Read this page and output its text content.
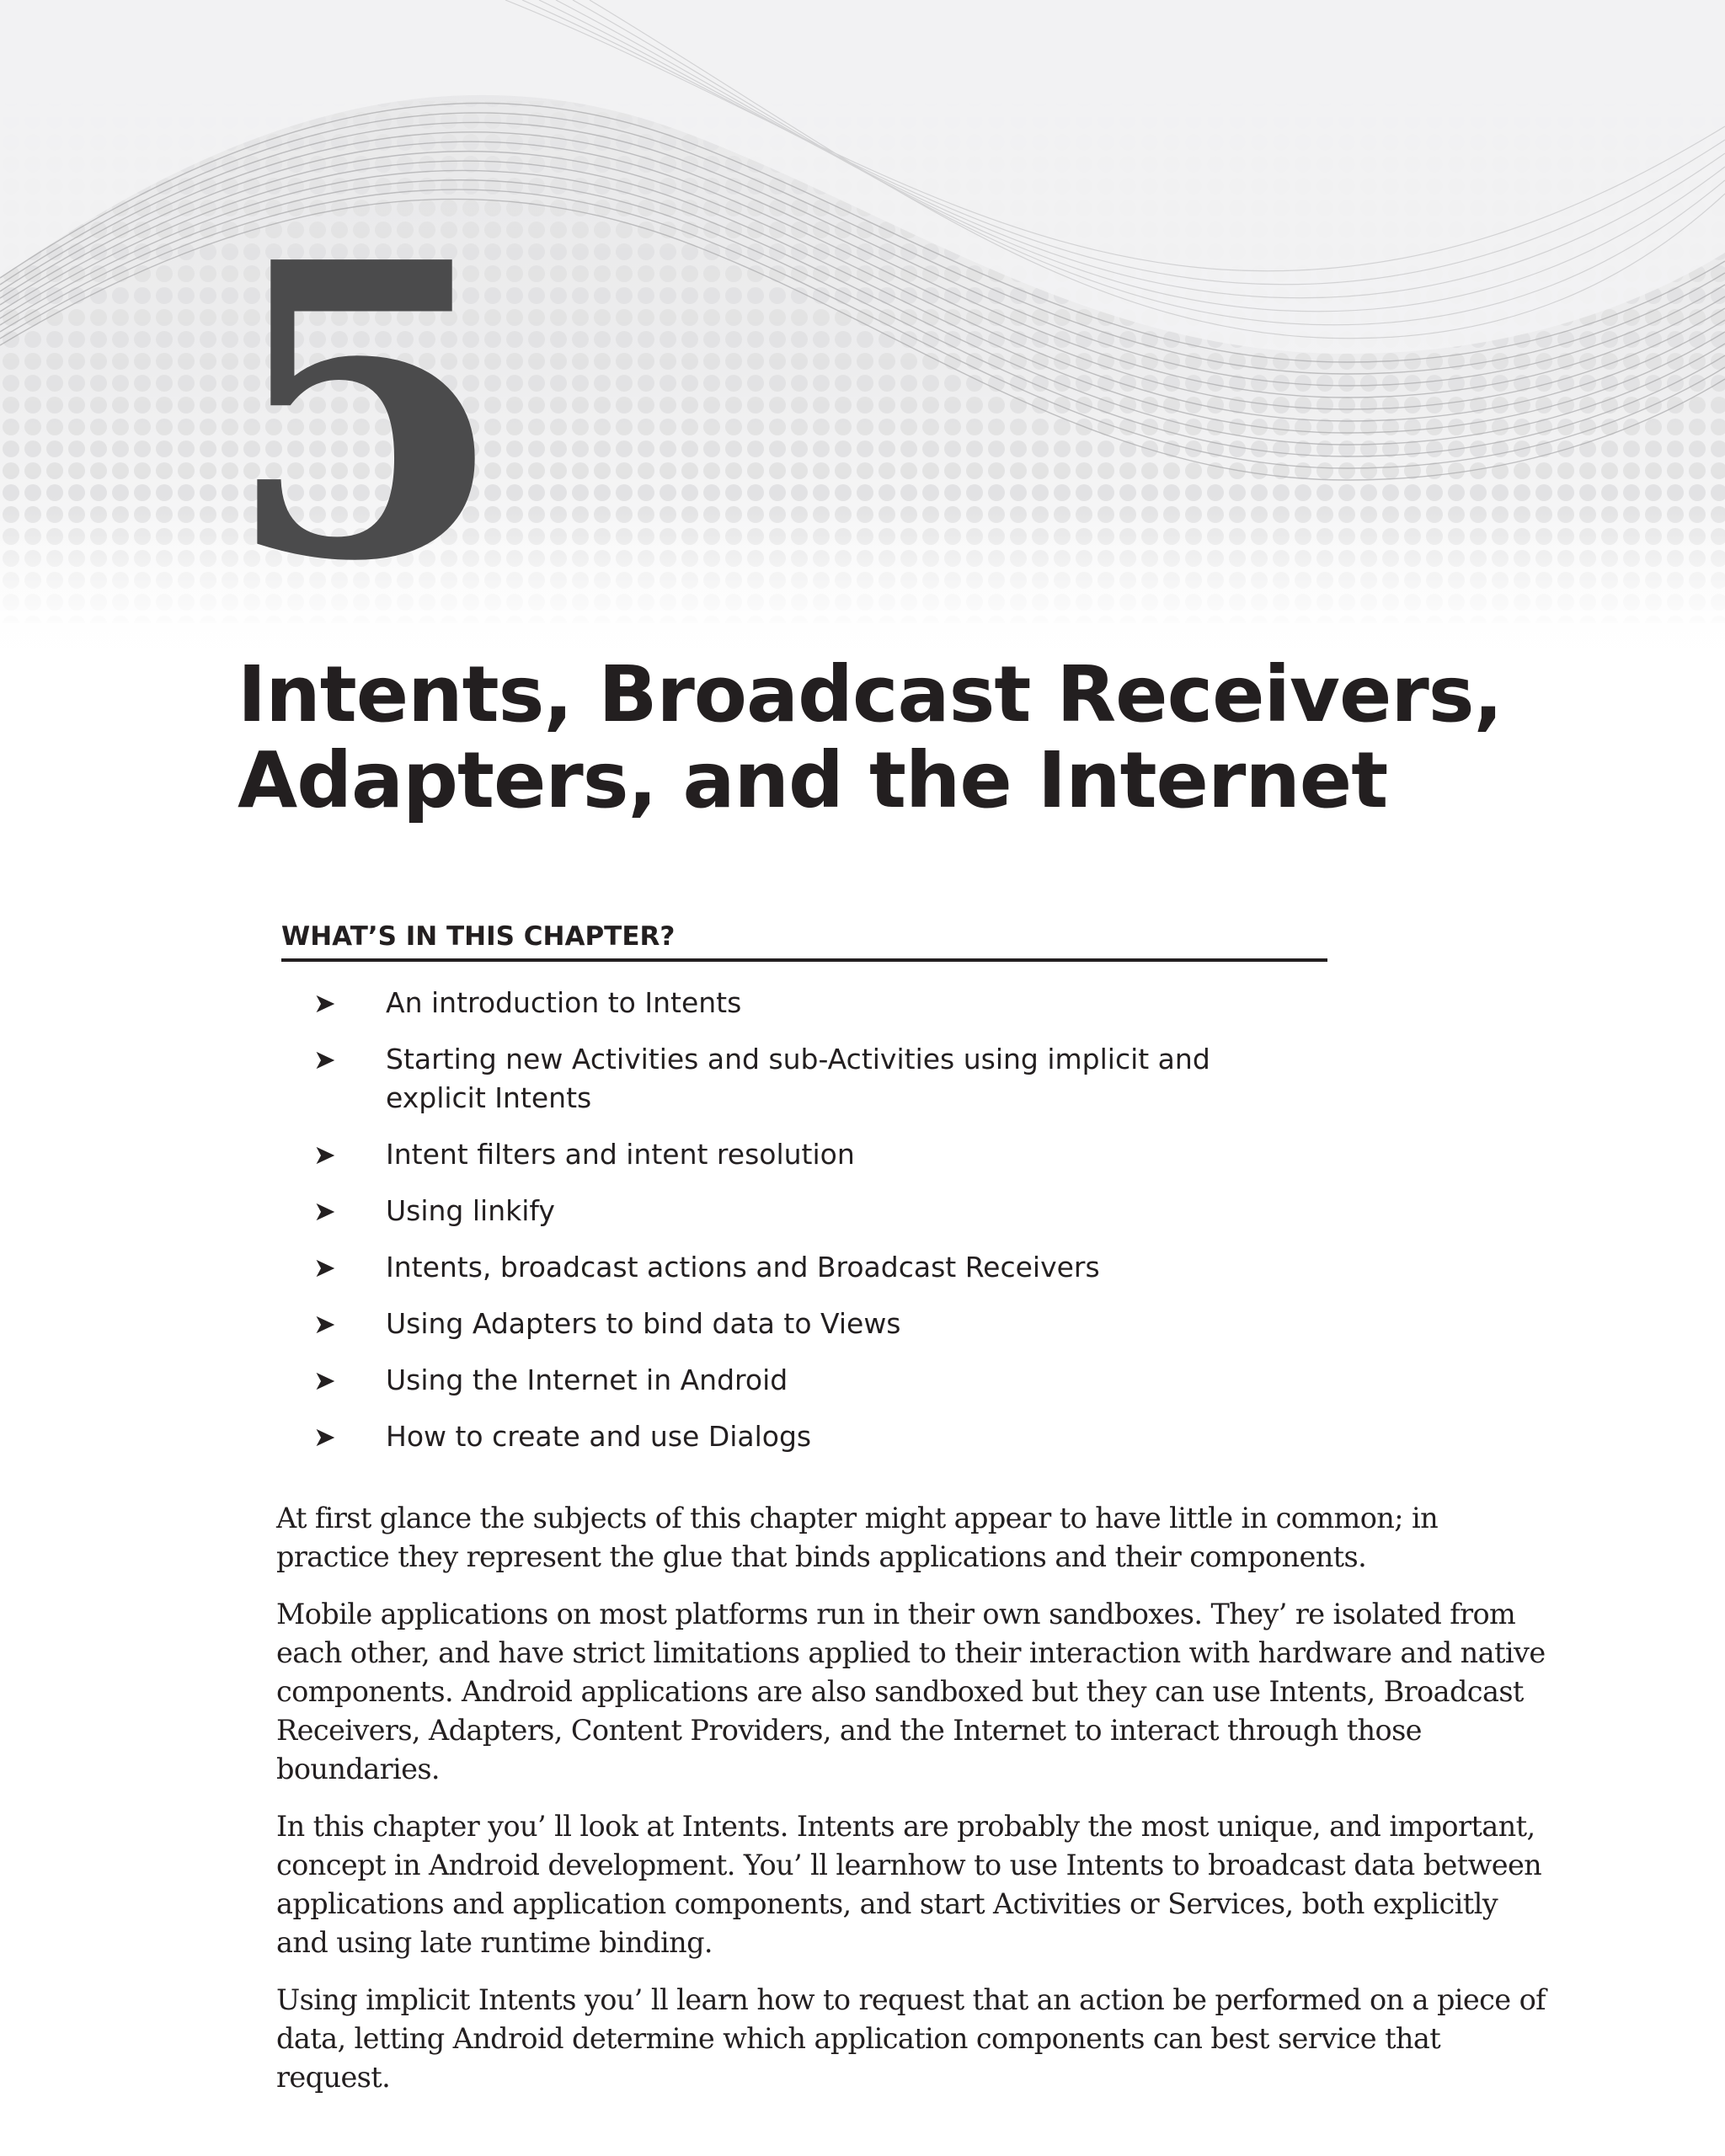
5
Intents, Broadcast Receivers,
Adapters, and the Internet
WHAT’S IN THIS CHAPTER?
➤ An introduction to Intents
➤ Starting new Activities and sub-Activities using implicit and explicit Intents
➤ Intent filters and intent resolution
➤ Using linkify
➤ Intents, broadcast actions and Broadcast Receivers
➤ Using Adapters to bind data to Views
➤ Using the Internet in Android
➤ How to create and use Dialogs

At first glance the subjects of this chapter might appear to have little in common; in practice they represent the glue that binds applications and their components.

Mobile applications on most platforms run in their own sandboxes. They’ re isolated from each other, and have strict limitations applied to their interaction with hardware and native components. Android applications are also sandboxed but they can use Intents, Broadcast Receivers, Adapters, Content Providers, and the Internet to interact through those boundaries.

In this chapter you’ ll look at Intents. Intents are probably the most unique, and important, concept in Android development. You’ ll learnhow to use Intents to broadcast data between applications and application components, and start Activities or Services, both explicitly and using late runtime binding.

Using implicit Intents you’ ll learn how to request that an action be performed on a piece of data, letting Android determine which application components can best service that request.
